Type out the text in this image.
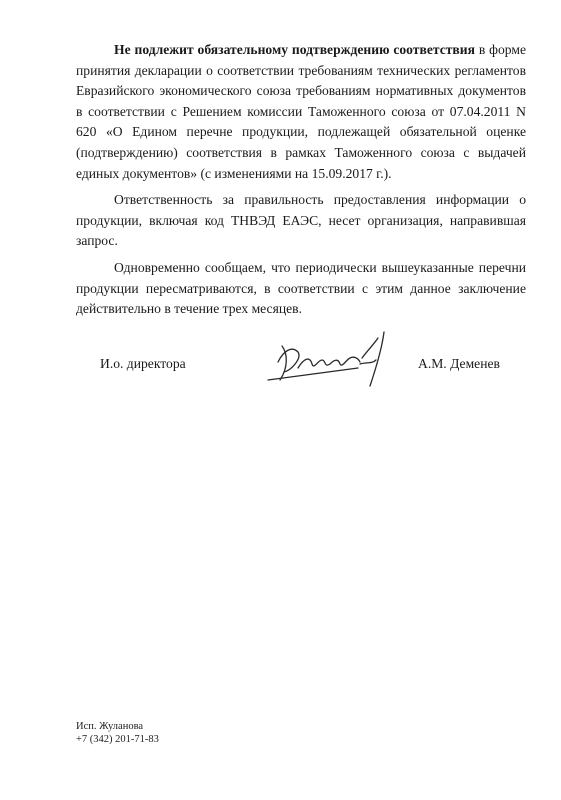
Не подлежит обязательному подтверждению соответствия в форме принятия декларации о соответствии требованиям технических регламентов Евразийского экономического союза требованиям нормативных документов в соответствии с Решением комиссии Таможенного союза от 07.04.2011 N 620 «О Едином перечне продукции, подлежащей обязательной оценке (подтверждению) соответствия в рамках Таможенного союза с выдачей единых документов» (с изменениями на 15.09.2017 г.).

Ответственность за правильность предоставления информации о продукции, включая код ТНВЭД ЕАЭС, несет организация, направившая запрос.

Одновременно сообщаем, что периодически вышеуказанные перечни продукции пересматриваются, в соответствии с этим данное заключение действительно в течение трех месяцев.

И.о. директора	А.М. Деменев
Исп. Жуланова
+7 (342) 201-71-83
